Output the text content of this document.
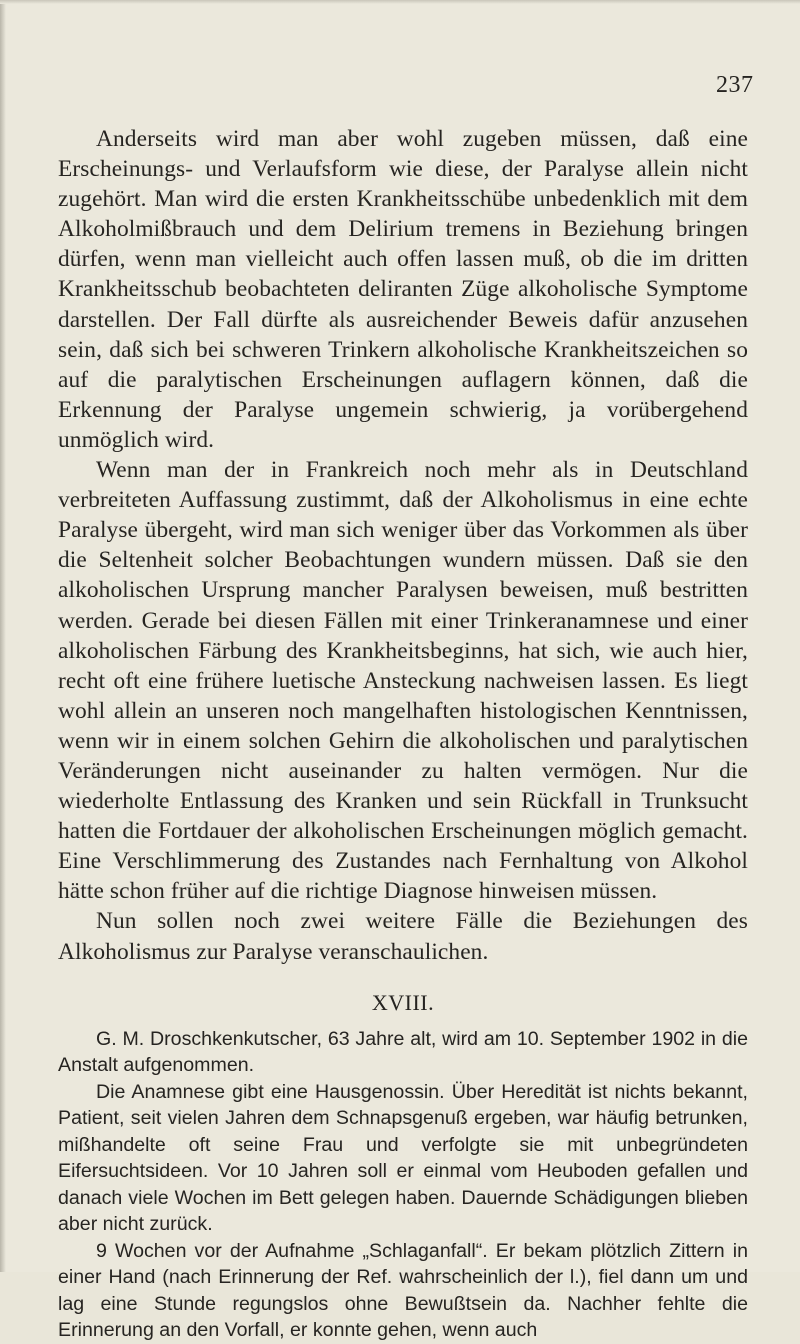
237

Anderseits wird man aber wohl zugeben müssen, daß eine Erscheinungs- und Verlaufsform wie diese, der Paralyse allein nicht zugehört. Man wird die ersten Krankheitsschübe unbedenklich mit dem Alkoholmißbrauch und dem Delirium tremens in Beziehung bringen dürfen, wenn man vielleicht auch offen lassen muß, ob die im dritten Krankheitsschub beobachteten deliranten Züge alkoholische Symptome darstellen. Der Fall dürfte als ausreichender Beweis dafür anzusehen sein, daß sich bei schweren Trinkern alkoholische Krankheitszeichen so auf die paralytischen Erscheinungen auflagern können, daß die Erkennung der Paralyse ungemein schwierig, ja vorübergehend unmöglich wird.

Wenn man der in Frankreich noch mehr als in Deutschland verbreiteten Auffassung zustimmt, daß der Alkoholismus in eine echte Paralyse übergeht, wird man sich weniger über das Vorkommen als über die Seltenheit solcher Beobachtungen wundern müssen. Daß sie den alkoholischen Ursprung mancher Paralysen beweisen, muß bestritten werden. Gerade bei diesen Fällen mit einer Trinkeranamnese und einer alkoholischen Färbung des Krankheitsbeginns, hat sich, wie auch hier, recht oft eine frühere luetische Ansteckung nachweisen lassen. Es liegt wohl allein an unseren noch mangelhaften histologischen Kenntnissen, wenn wir in einem solchen Gehirn die alkoholischen und paralytischen Veränderungen nicht auseinander zu halten vermögen. Nur die wiederholte Entlassung des Kranken und sein Rückfall in Trunksucht hatten die Fortdauer der alkoholischen Erscheinungen möglich gemacht. Eine Verschlimmerung des Zustandes nach Fernhaltung von Alkohol hätte schon früher auf die richtige Diagnose hinweisen müssen.

Nun sollen noch zwei weitere Fälle die Beziehungen des Alkoholismus zur Paralyse veranschaulichen.

XVIII.

G. M. Droschkenkutscher, 63 Jahre alt, wird am 10. September 1902 in die Anstalt aufgenommen.

Die Anamnese gibt eine Hausgenossin. Über Heredität ist nichts bekannt, Patient, seit vielen Jahren dem Schnapsgenuß ergeben, war häufig betrunken, mißhandelte oft seine Frau und verfolgte sie mit unbegründeten Eifersuchtsideen. Vor 10 Jahren soll er einmal vom Heuboden gefallen und danach viele Wochen im Bett gelegen haben. Dauernde Schädigungen blieben aber nicht zurück.

9 Wochen vor der Aufnahme „Schlaganfall“. Er bekam plötzlich Zittern in einer Hand (nach Erinnerung der Ref. wahrscheinlich der l.), fiel dann um und lag eine Stunde regungslos ohne Bewußtsein da. Nachher fehlte die Erinnerung an den Vorfall, er konnte gehen, wenn auch
